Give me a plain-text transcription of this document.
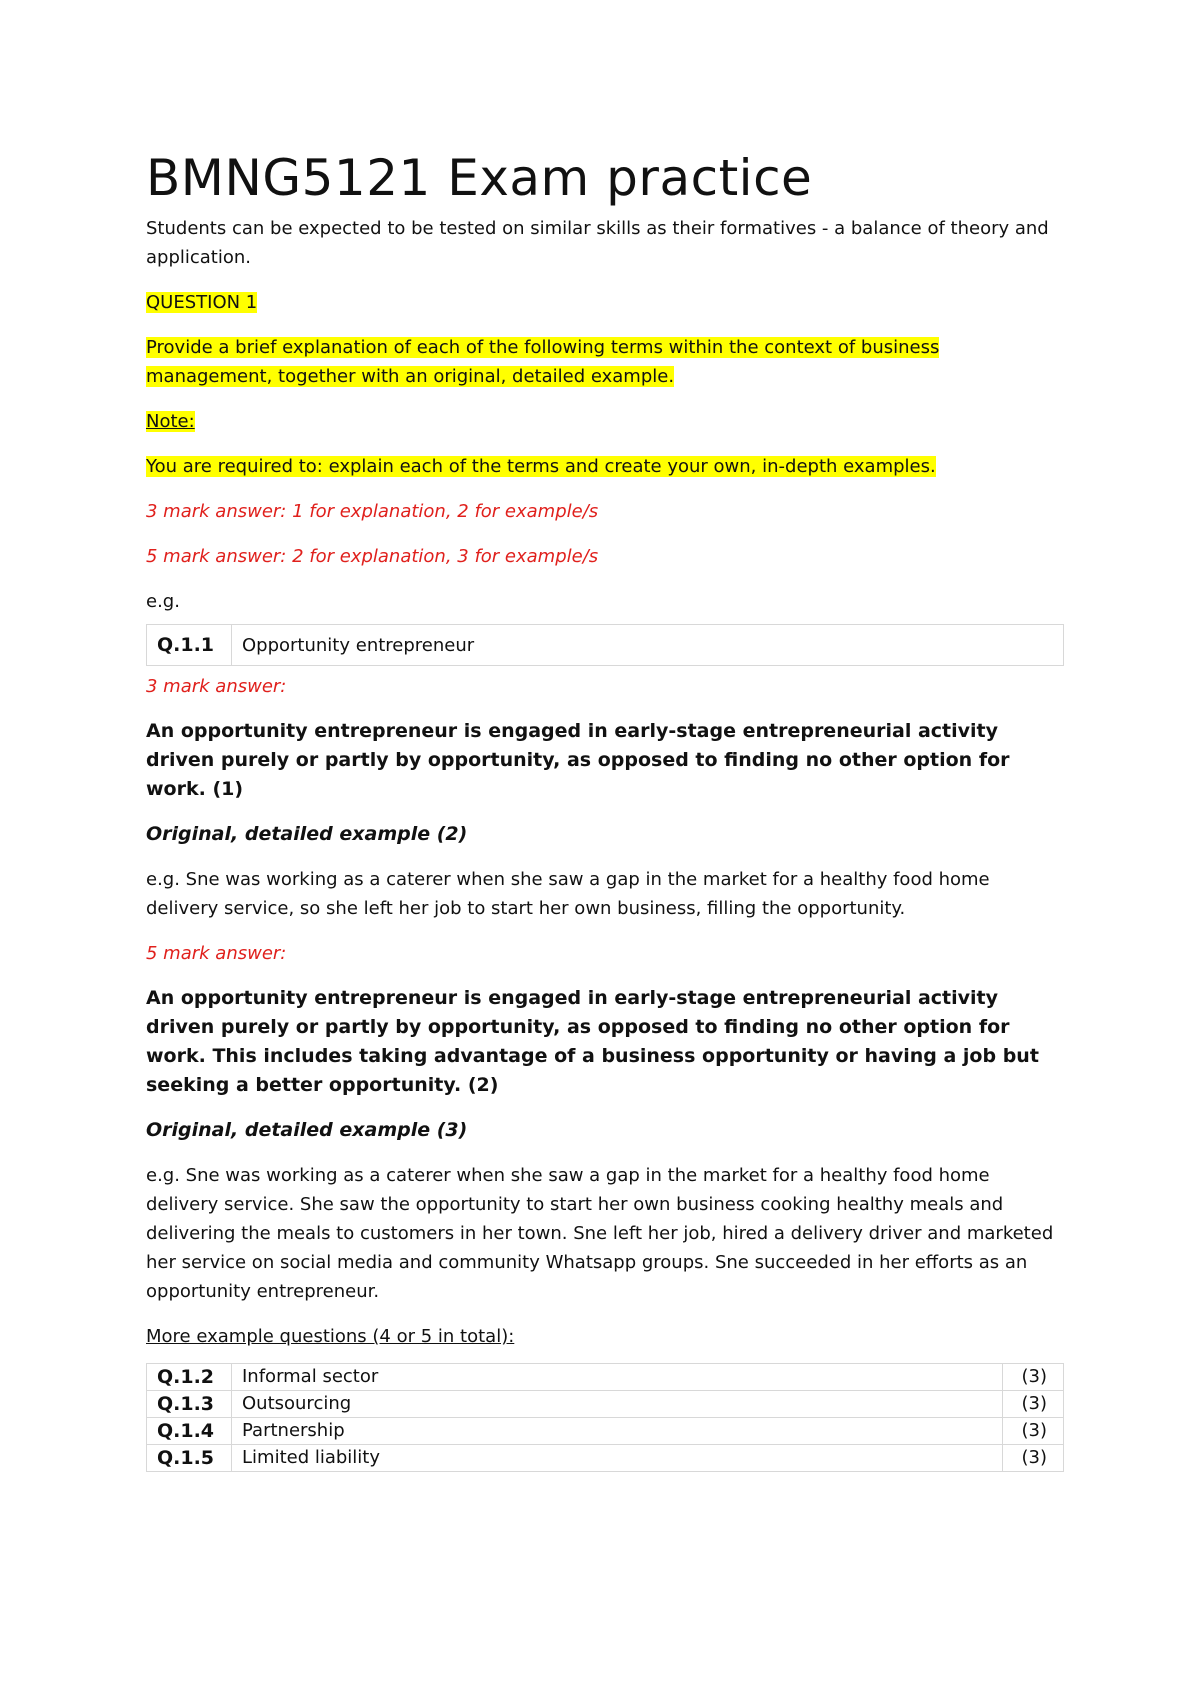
BMNG5121 Exam practice

Students can be expected to be tested on similar skills as their formatives - a balance of theory and application.

QUESTION 1

Provide a brief explanation of each of the following terms within the context of business management, together with an original, detailed example.

Note:

You are required to: explain each of the terms and create your own, in-depth examples.

3 mark answer: 1 for explanation, 2 for example/s

5 mark answer: 2 for explanation, 3 for example/s

e.g.

Q.1.1	Opportunity entrepreneur

3 mark answer:

An opportunity entrepreneur is engaged in early-stage entrepreneurial activity driven purely or partly by opportunity, as opposed to finding no other option for work. (1)

Original, detailed example (2)

e.g. Sne was working as a caterer when she saw a gap in the market for a healthy food home delivery service, so she left her job to start her own business, filling the opportunity.

5 mark answer:

An opportunity entrepreneur is engaged in early-stage entrepreneurial activity driven purely or partly by opportunity, as opposed to finding no other option for work. This includes taking advantage of a business opportunity or having a job but seeking a better opportunity. (2)

Original, detailed example (3)

e.g. Sne was working as a caterer when she saw a gap in the market for a healthy food home delivery service. She saw the opportunity to start her own business cooking healthy meals and delivering the meals to customers in her town. Sne left her job, hired a delivery driver and marketed her service on social media and community Whatsapp groups. Sne succeeded in her efforts as an opportunity entrepreneur.

More example questions (4 or 5 in total):

Q.1.2	Informal sector	(3)
Q.1.3	Outsourcing	(3)
Q.1.4	Partnership	(3)
Q.1.5	Limited liability	(3)
